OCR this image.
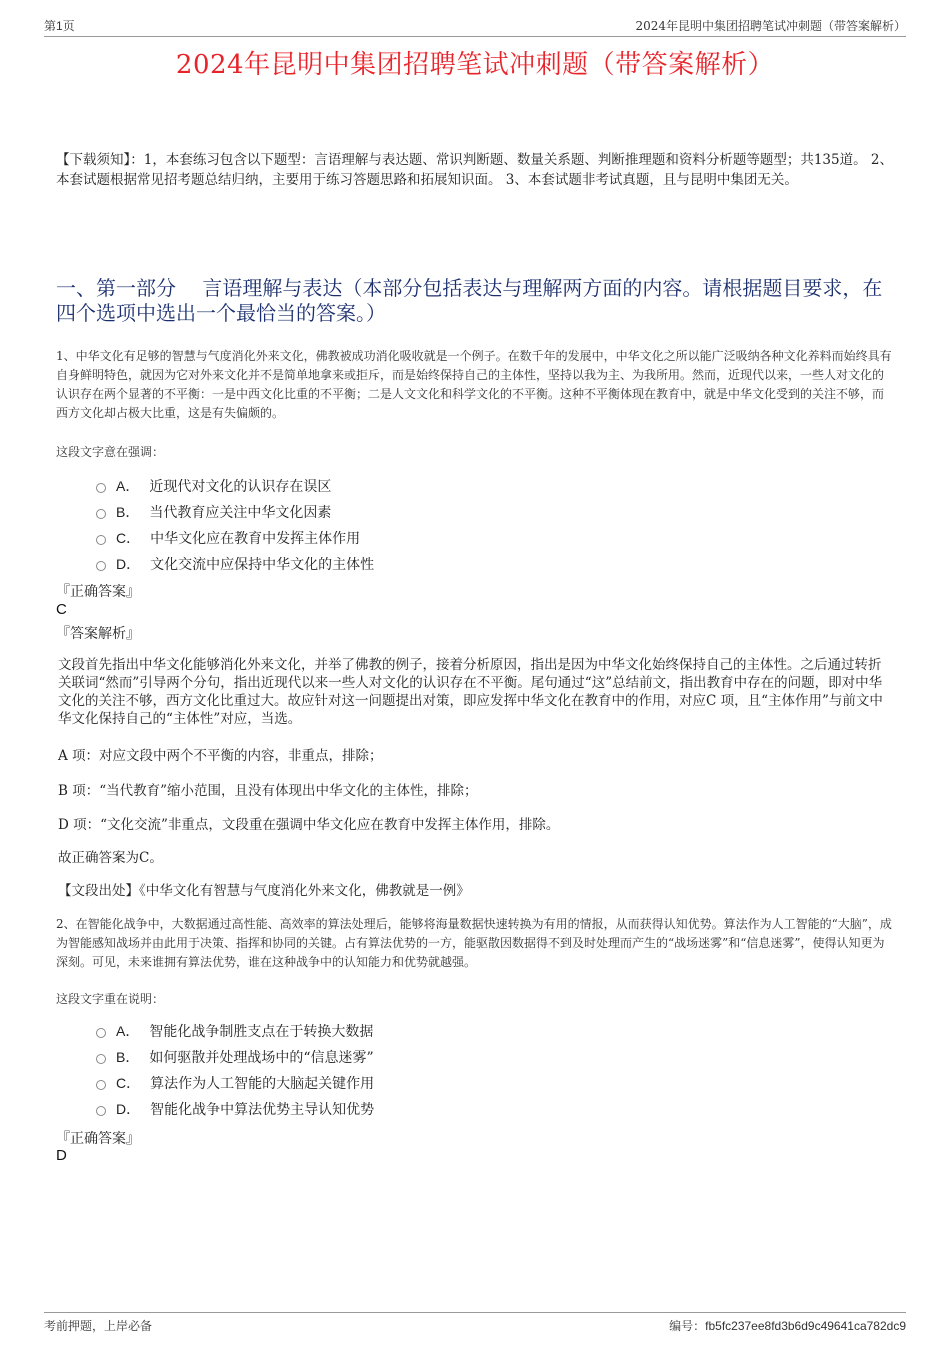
第1页	2024年昆明中集团招聘笔试冲刺题（带答案解析）
2024年昆明中集团招聘笔试冲刺题（带答案解析）
【下载须知】：1，本套练习包含以下题型：言语理解与表达题、常识判断题、数量关系题、判断推理题和资料分析题等题型；共135道。 2、本套试题根据常见招考题总结归纳，主要用于练习答题思路和拓展知识面。 3、本套试题非考试真题，且与昆明中集团无关。
一、第一部分　 言语理解与表达（本部分包括表达与理解两方面的内容。请根据题目要求，在四个选项中选出一个最恰当的答案。）
1、中华文化有足够的智慧与气度消化外来文化，佛教被成功消化吸收就是一个例子。在数千年的发展中，中华文化之所以能广泛吸纳各种文化养料而始终具有自身鲜明特色，就因为它对外来文化并不是简单地拿来或拒斥，而是始终保持自己的主体性，坚持以我为主、为我所用。然而，近现代以来，一些人对文化的认识存在两个显著的不平衡：一是中西文化比重的不平衡；二是人文文化和科学文化的不平衡。这种不平衡体现在教育中，就是中华文化受到的关注不够，而西方文化却占极大比重，这是有失偏颇的。
这段文字意在强调：
A． 近现代对文化的认识存在误区
B． 当代教育应关注中华文化因素
C． 中华文化应在教育中发挥主体作用
D． 文化交流中应保持中华文化的主体性
『正确答案』
C
『答案解析』
文段首先指出中华文化能够消化外来文化，并举了佛教的例子，接着分析原因，指出是因为中华文化始终保持自己的主体性。之后通过转折关联词“然而”引导两个分句，指出近现代以来一些人对文化的认识存在不平衡。尾句通过“这”总结前文，指出教育中存在的问题，即对中华文化的关注不够，西方文化比重过大。故应针对这一问题提出对策，即应发挥中华文化在教育中的作用，对应C 项，且“主体作用”与前文中华文化保持自己的“主体性”对应，当选。
A 项：对应文段中两个不平衡的内容，非重点，排除；
B 项：“当代教育”缩小范围，且没有体现出中华文化的主体性，排除；
D 项：“文化交流”非重点，文段重在强调中华文化应在教育中发挥主体作用，排除。
故正确答案为C。
【文段出处】《中华文化有智慧与气度消化外来文化，佛教就是一例》
2、在智能化战争中，大数据通过高性能、高效率的算法处理后，能够将海量数据快速转换为有用的情报，从而获得认知优势。算法作为人工智能的“大脑”，成为智能感知战场并由此用于决策、指挥和协同的关键。占有算法优势的一方，能驱散因数据得不到及时处理而产生的“战场迷雾”和“信息迷雾”，使得认知更为深刻。可见，未来谁拥有算法优势，谁在这种战争中的认知能力和优势就越强。
这段文字重在说明：
A． 智能化战争制胜支点在于转换大数据
B． 如何驱散并处理战场中的“信息迷雾”
C． 算法作为人工智能的大脑起关键作用
D． 智能化战争中算法优势主导认知优势
『正确答案』
D
考前押题，上岸必备	编号：fb5fc237ee8fd3b6d9c49641ca782dc9
